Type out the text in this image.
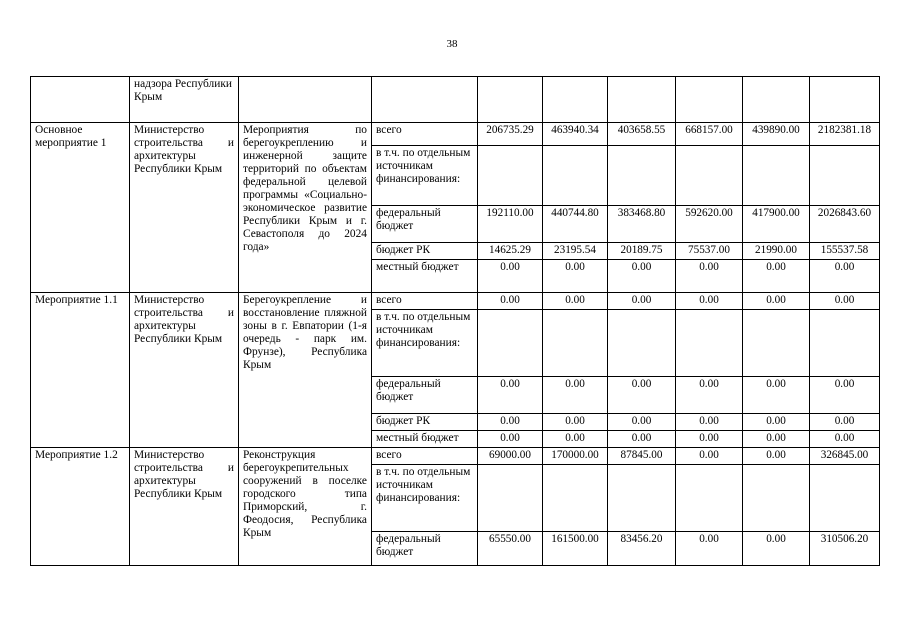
38
	надзора Республики Крым								
Основное мероприятие 1	Министерство строительства и архитектуры Республики Крым	Мероприятия по берегоукреплению и инженерной защите территорий по объектам федеральной целевой программы «Социально-экономическое развитие Республики Крым и г. Севастополя до 2024 года»	всего	206735.29	463940.34	403658.55	668157.00	439890.00	2182381.18
			в т.ч. по отдельным источникам финансирования:						
			федеральный бюджет	192110.00	440744.80	383468.80	592620.00	417900.00	2026843.60
			бюджет РК	14625.29	23195.54	20189.75	75537.00	21990.00	155537.58
			местный бюджет	0.00	0.00	0.00	0.00	0.00	0.00
Мероприятие 1.1	Министерство строительства и архитектуры Республики Крым	Берегоукрепление и восстановление пляжной зоны в г. Евпатории (1-я очередь - парк им. Фрунзе), Республика Крым	всего	0.00	0.00	0.00	0.00	0.00	0.00
			в т.ч. по отдельным источникам финансирования:						
			федеральный бюджет	0.00	0.00	0.00	0.00	0.00	0.00
			бюджет РК	0.00	0.00	0.00	0.00	0.00	0.00
			местный бюджет	0.00	0.00	0.00	0.00	0.00	0.00
Мероприятие 1.2	Министерство строительства и архитектуры Республики Крым	Реконструкция берегоукрепительных сооружений в поселке городского типа Приморский, г. Феодосия, Республика Крым	всего	69000.00	170000.00	87845.00	0.00	0.00	326845.00
			в т.ч. по отдельным источникам финансирования:						
			федеральный бюджет	65550.00	161500.00	83456.20	0.00	0.00	310506.20
